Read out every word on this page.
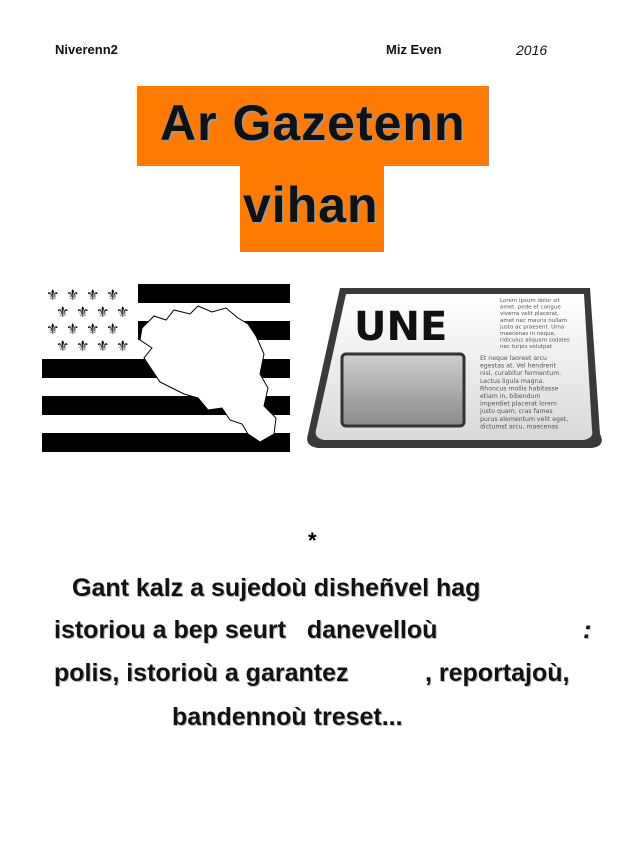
Niverenn2	Miz Even	2016
Ar Gazetenn
vihan
⚜ ⚜ ⚜ ⚜
⚜ ⚜ ⚜ ⚜
⚜ ⚜ ⚜ ⚜
⚜ ⚜ ⚜ ⚜	UNE
Lorem ipsum dolor sit
amet, pede et congue
viverra velit placerat,
amet nec mauris nullam
justo ac praesent. Urna
maecenas in neque,
ridiculus aliquam sodales
nec turpis volutpat
Et neque laoreet arcu
egestas at. Vel hendrerit
nisl, curabitur fermentum.
Lectus ligula magna.
Rhoncus mollis habitasse
etiam in, bibendum
imperdiet placerat lorem
justo quam, cras fames
purus elementum velit eget,
dictumst arcu, maecenas
*
Gant kalz a sujedoù disheñvel hag
istoriou a bep seurt   danevelloù	:
polis, istorioù a garantez	, reportajoù,
bandennoù treset...
